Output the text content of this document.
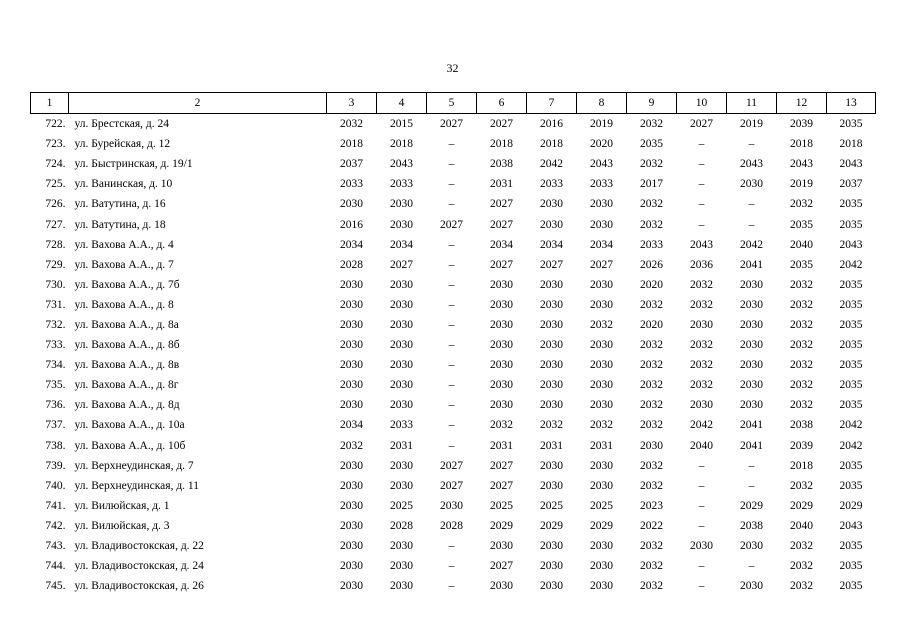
32
1	2	3	4	5	6	7	8	9	10	11	12	13
722.	ул. Брестская, д. 24	2032	2015	2027	2027	2016	2019	2032	2027	2019	2039	2035
723.	ул. Бурейская, д. 12	2018	2018	–	2018	2018	2020	2035	–	–	2018	2018
724.	ул. Быстринская, д. 19/1	2037	2043	–	2038	2042	2043	2032	–	2043	2043	2043
725.	ул. Ванинская, д. 10	2033	2033	–	2031	2033	2033	2017	–	2030	2019	2037
726.	ул. Ватутина, д. 16	2030	2030	–	2027	2030	2030	2032	–	–	2032	2035
727.	ул. Ватутина, д. 18	2016	2030	2027	2027	2030	2030	2032	–	–	2035	2035
728.	ул. Вахова А.А., д. 4	2034	2034	–	2034	2034	2034	2033	2043	2042	2040	2043
729.	ул. Вахова А.А., д. 7	2028	2027	–	2027	2027	2027	2026	2036	2041	2035	2042
730.	ул. Вахова А.А., д. 7б	2030	2030	–	2030	2030	2030	2020	2032	2030	2032	2035
731.	ул. Вахова А.А., д. 8	2030	2030	–	2030	2030	2030	2032	2032	2030	2032	2035
732.	ул. Вахова А.А., д. 8а	2030	2030	–	2030	2030	2032	2020	2030	2030	2032	2035
733.	ул. Вахова А.А., д. 8б	2030	2030	–	2030	2030	2030	2032	2032	2030	2032	2035
734.	ул. Вахова А.А., д. 8в	2030	2030	–	2030	2030	2030	2032	2032	2030	2032	2035
735.	ул. Вахова А.А., д. 8г	2030	2030	–	2030	2030	2030	2032	2032	2030	2032	2035
736.	ул. Вахова А.А., д. 8д	2030	2030	–	2030	2030	2030	2032	2030	2030	2032	2035
737.	ул. Вахова А.А., д. 10а	2034	2033	–	2032	2032	2032	2032	2042	2041	2038	2042
738.	ул. Вахова А.А., д. 10б	2032	2031	–	2031	2031	2031	2030	2040	2041	2039	2042
739.	ул. Верхнеудинская, д. 7	2030	2030	2027	2027	2030	2030	2032	–	–	2018	2035
740.	ул. Верхнеудинская, д. 11	2030	2030	2027	2027	2030	2030	2032	–	–	2032	2035
741.	ул. Вилюйская, д. 1	2030	2025	2030	2025	2025	2025	2023	–	2029	2029	2029
742.	ул. Вилюйская, д. 3	2030	2028	2028	2029	2029	2029	2022	–	2038	2040	2043
743.	ул. Владивостокская, д. 22	2030	2030	–	2030	2030	2030	2032	2030	2030	2032	2035
744.	ул. Владивостокская, д. 24	2030	2030	–	2027	2030	2030	2032	–	–	2032	2035
745.	ул. Владивостокская, д. 26	2030	2030	–	2030	2030	2030	2032	–	2030	2032	2035
